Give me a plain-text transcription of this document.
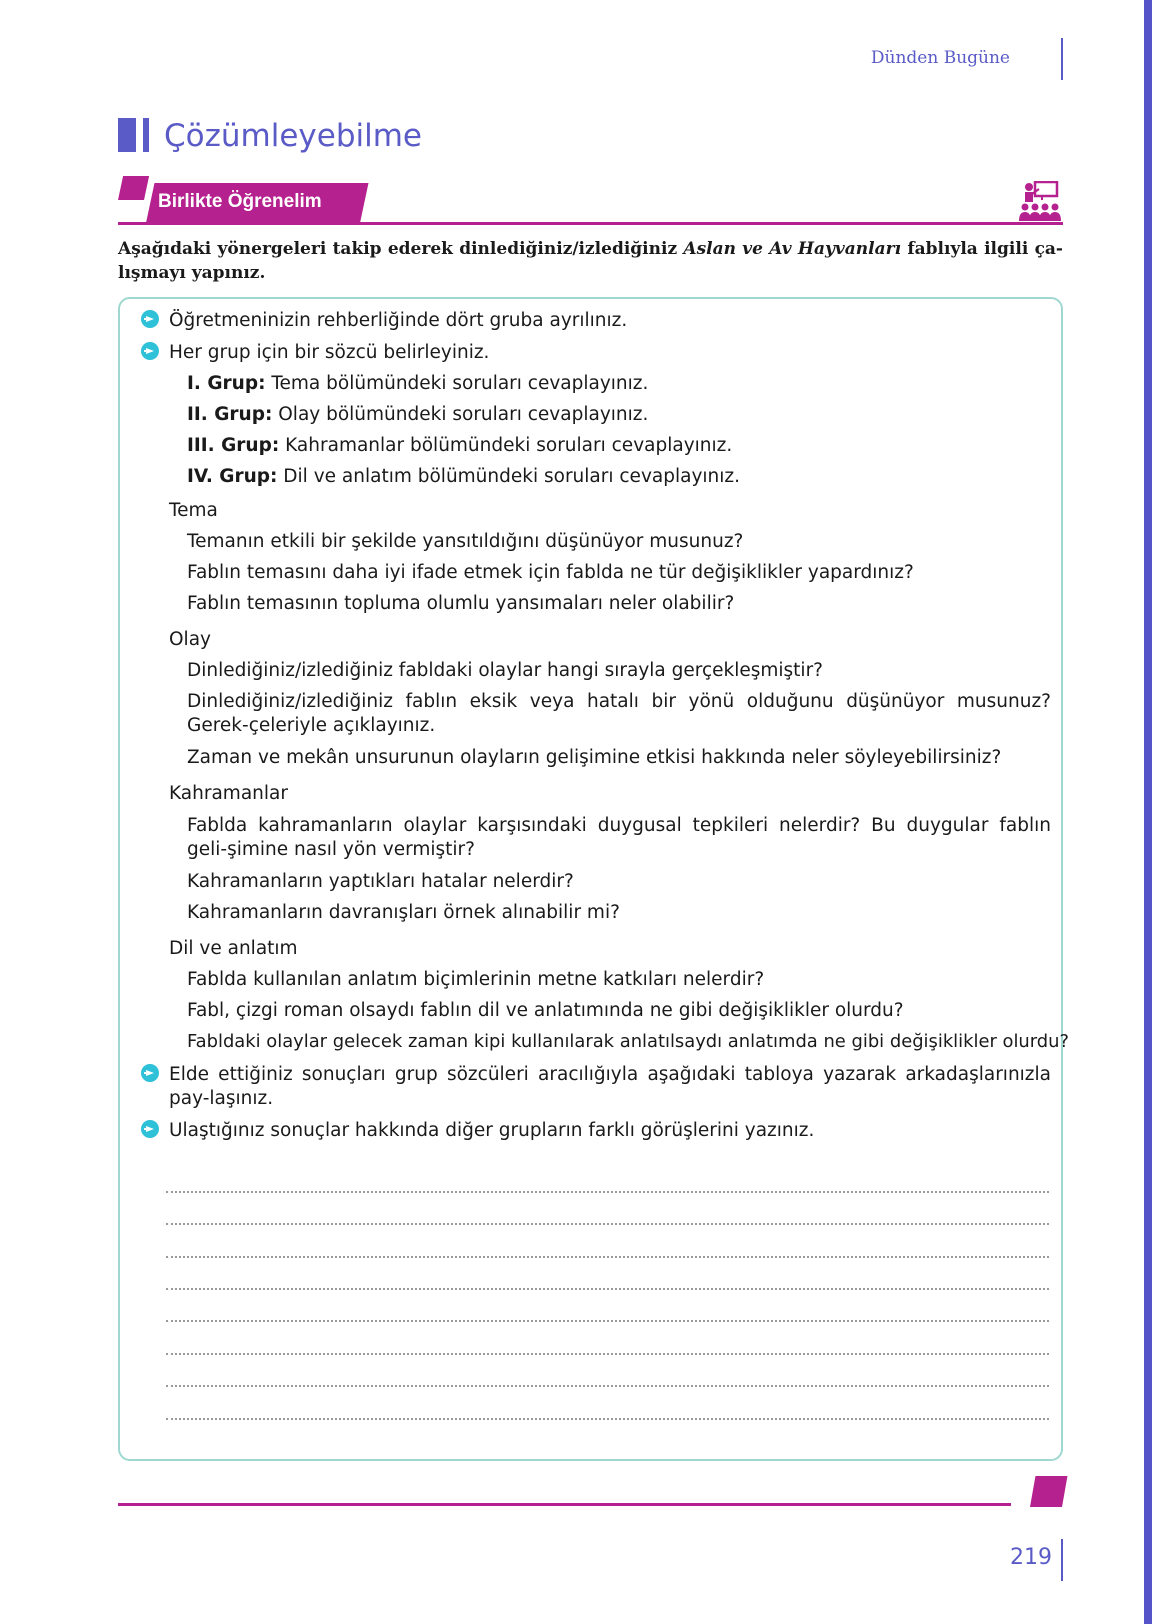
Dünden Bugüne
Çözümleyebilme
Birlikte Öğrenelim
Aşağıdaki yönergeleri takip ederek dinlediğiniz/izlediğiniz Aslan ve Av Hayvanları fablıyla ilgili ça-lışmayı yapınız.
Öğretmeninizin rehberliğinde dört gruba ayrılınız.
Her grup için bir sözcü belirleyiniz.
I. Grup: Tema bölümündeki soruları cevaplayınız.
II. Grup: Olay bölümündeki soruları cevaplayınız.
III. Grup: Kahramanlar bölümündeki soruları cevaplayınız.
IV. Grup: Dil ve anlatım bölümündeki soruları cevaplayınız.
Tema
Temanın etkili bir şekilde yansıtıldığını düşünüyor musunuz?
Fablın temasını daha iyi ifade etmek için fablda ne tür değişiklikler yapardınız?
Fablın temasının topluma olumlu yansımaları neler olabilir?
Olay
Dinlediğiniz/izlediğiniz fabldaki olaylar hangi sırayla gerçekleşmiştir?
Dinlediğiniz/izlediğiniz fablın eksik veya hatalı bir yönü olduğunu düşünüyor musunuz? Gerek-çeleriyle açıklayınız.
Zaman ve mekân unsurunun olayların gelişimine etkisi hakkında neler söyleyebilirsiniz?
Kahramanlar
Fablda kahramanların olaylar karşısındaki duygusal tepkileri nelerdir? Bu duygular fablın geli-şimine nasıl yön vermiştir?
Kahramanların yaptıkları hatalar nelerdir?
Kahramanların davranışları örnek alınabilir mi?
Dil ve anlatım
Fablda kullanılan anlatım biçimlerinin metne katkıları nelerdir?
Fabl, çizgi roman olsaydı fablın dil ve anlatımında ne gibi değişiklikler olurdu?
Fabldaki olaylar gelecek zaman kipi kullanılarak anlatılsaydı anlatımda ne gibi değişiklikler olurdu?
Elde ettiğiniz sonuçları grup sözcüleri aracılığıyla aşağıdaki tabloya yazarak arkadaşlarınızla pay-laşınız.
Ulaştığınız sonuçlar hakkında diğer grupların farklı görüşlerini yazınız.
219
